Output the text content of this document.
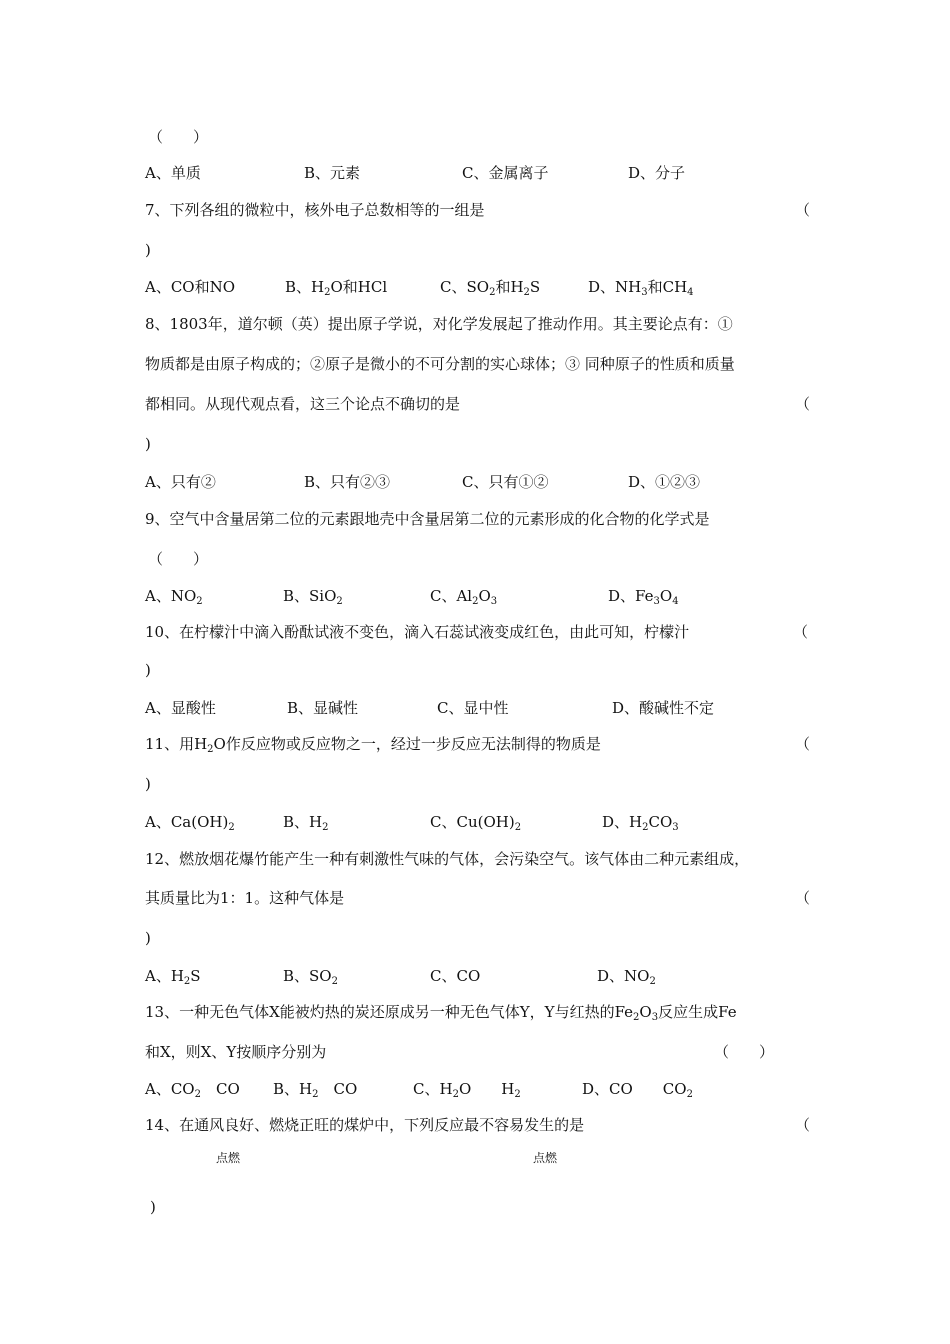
（　　）
A、单质	B、元素	C、金属离子	D、分子
7、下列各组的微粒中，核外电子总数相等的一组是	（
)
A、CO和NO	B、$H_2O$和HCl	C、$SO_2$和$H_2S$	D、$NH_3$和$CH_4$
8、1803年，道尔顿（英）提出原子学说，对化学发展起了推动作用。其主要论点有：①
物质都是由原子构成的；②原子是微小的不可分割的实心球体；③ 同种原子的性质和质量
都相同。从现代观点看，这三个论点不确切的是	（
)
A、只有②	B、只有②③	C、只有①②	D、①②③
9、空气中含量居第二位的元素跟地壳中含量居第二位的元素形成的化合物的化学式是
（　　）
A、$NO_2$	B、SiO$_2$	C、$Al_2O_3$	D、$Fe_3O_4$
10、在柠檬汁中滴入酚酞试液不变色，滴入石蕊试液变成红色，由此可知，柠檬汁	（
)
A、显酸性	B、显碱性	C、显中性	D、酸碱性不定
11、用$H_2O$作反应物或反应物之一，经过一步反应无法制得的物质是	（
)
A、$Ca(OH)_2$	B、$H_2$	C、$Cu(OH)_2$	D、$H_2CO_3$
12、燃放烟花爆竹能产生一种有刺激性气味的气体，会污染空气。该气体由二种元素组成，
其质量比为1：1。这种气体是	（
)
A、$H_2S$	B、$SO_2$	C、CO	D、$NO_2$
13、一种无色气体X能被灼热的炭还原成另一种无色气体Y，Y与红热的$Fe_2O_3$反应生成Fe
和X，则X、Y按顺序分别为	（　　）
A、$CO_2$　CO B、$H_2$　CO	C、$H_2O$　　$H_2$	D、CO　　$CO_2$
14、在通风良好、燃烧正旺的煤炉中，下列反应最不容易发生的是	（
点燃	点燃
)
